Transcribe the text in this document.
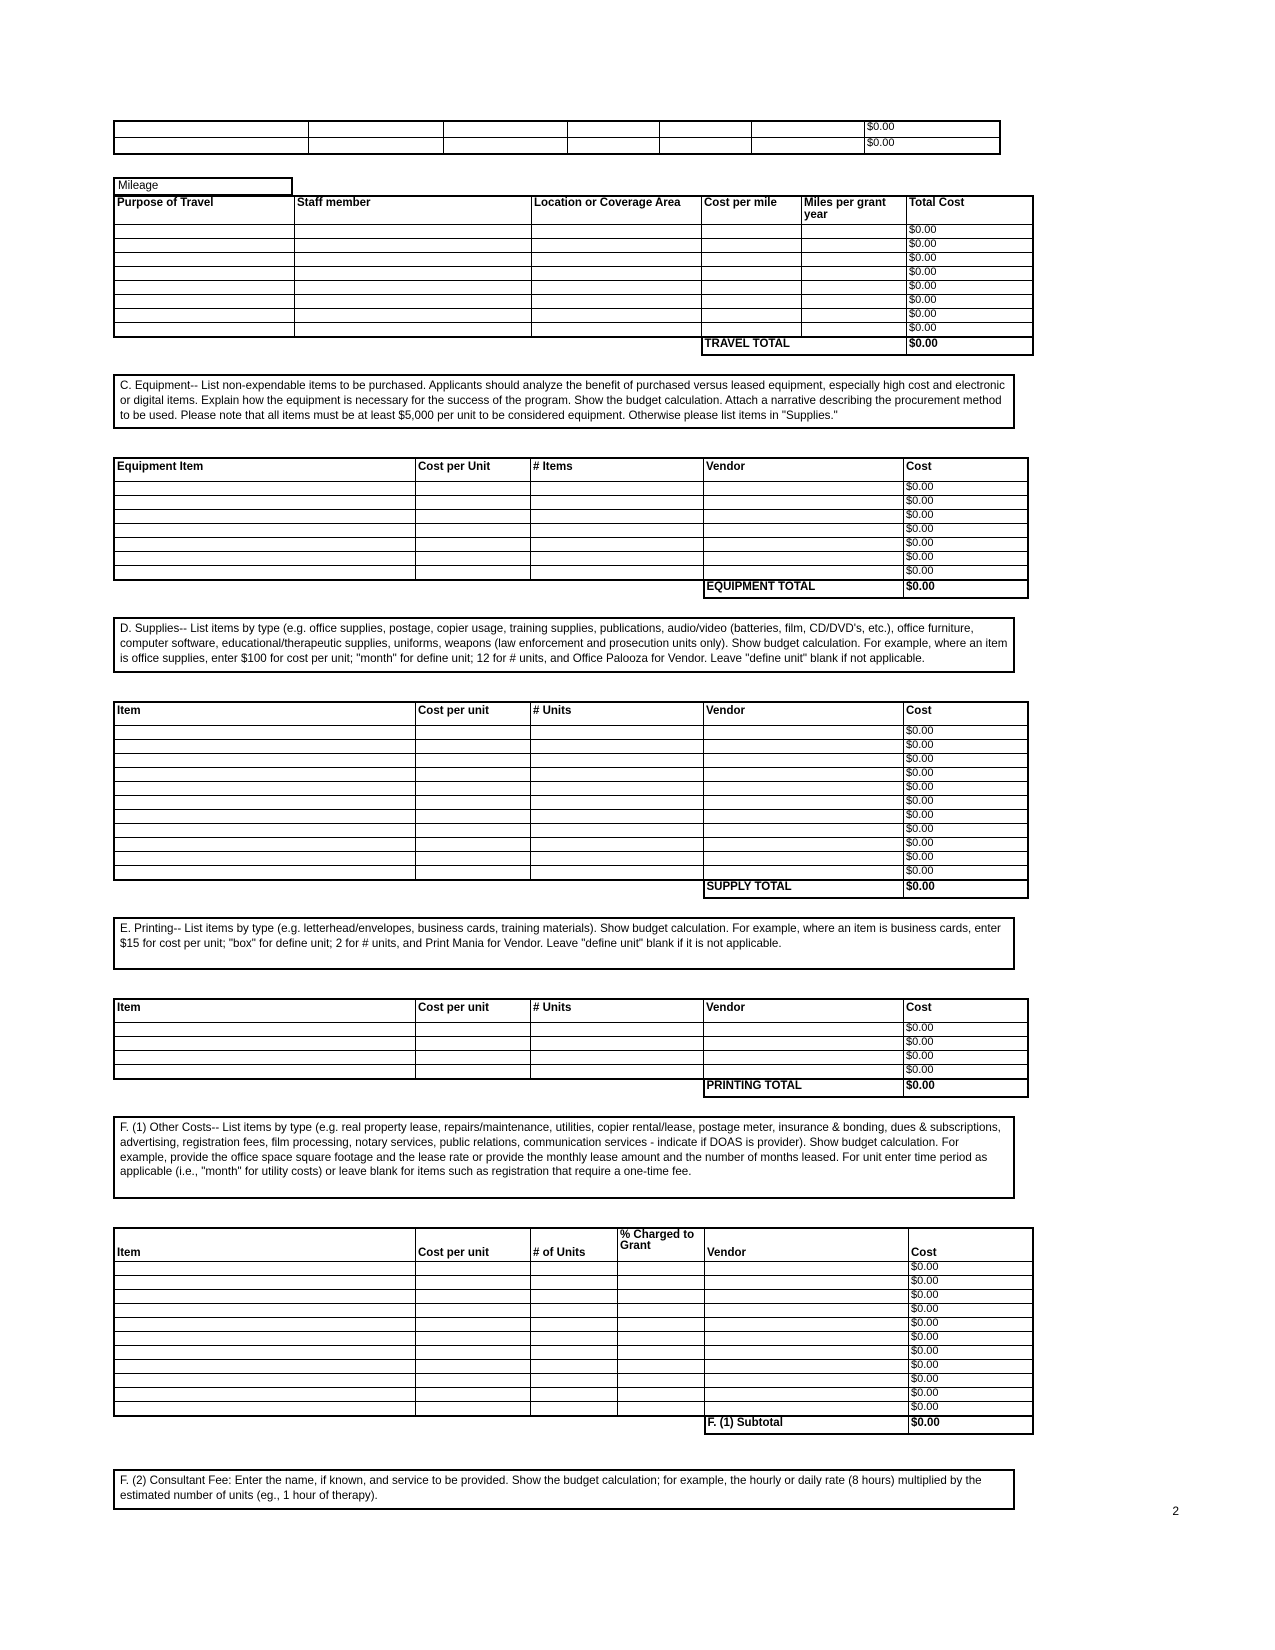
						$0.00
						$0.00
Mileage
Purpose of Travel	Staff member	Location or Coverage Area	Cost per mile	Miles per grant year	Total Cost
					$0.00
					$0.00
					$0.00
					$0.00
					$0.00
					$0.00
					$0.00
					$0.00
			TRAVEL TOTAL		$0.00
C. Equipment-- List non-expendable items to be purchased. Applicants should analyze the benefit of purchased versus leased equipment, especially high cost and electronic or digital items. Explain how the equipment is necessary for the success of the program. Show the budget calculation. Attach a narrative describing the procurement method to be used. Please note that all items must be at least $5,000 per unit to be considered equipment. Otherwise please list items in "Supplies."
Equipment Item	Cost per Unit	# Items	Vendor	Cost
				$0.00
				$0.00
				$0.00
				$0.00
				$0.00
				$0.00
				$0.00
			EQUIPMENT TOTAL	$0.00
D. Supplies-- List items by type (e.g. office supplies, postage, copier usage, training supplies, publications, audio/video (batteries, film, CD/DVD's, etc.), office furniture, computer software, educational/therapeutic supplies, uniforms, weapons (law enforcement and prosecution units only). Show budget calculation. For example, where an item is office supplies, enter $100 for cost per unit; "month" for define unit; 12 for # units, and Office Palooza for Vendor. Leave "define unit" blank if not applicable.
Item	Cost per unit	# Units	Vendor	Cost
				$0.00
				$0.00
				$0.00
				$0.00
				$0.00
				$0.00
				$0.00
				$0.00
				$0.00
				$0.00
				$0.00
			SUPPLY TOTAL	$0.00
E. Printing-- List items by type (e.g. letterhead/envelopes, business cards, training materials). Show budget calculation. For example, where an item is business cards, enter $15 for cost per unit; "box" for define unit; 2 for # units, and Print Mania for Vendor. Leave "define unit" blank if it is not applicable.
Item	Cost per unit	# Units	Vendor	Cost
				$0.00
				$0.00
				$0.00
				$0.00
			PRINTING TOTAL	$0.00
F. (1) Other Costs-- List items by type (e.g. real property lease, repairs/maintenance, utilities, copier rental/lease, postage meter, insurance & bonding, dues & subscriptions, advertising, registration fees, film processing, notary services, public relations, communication services - indicate if DOAS is provider). Show budget calculation. For example, provide the office space square footage and the lease rate or provide the monthly lease amount and the number of months leased. For unit enter time period as applicable (i.e., "month" for utility costs) or leave blank for items such as registration that require a one-time fee.
Item	Cost per unit	# of Units	% Charged to Grant	Vendor	Cost
					$0.00
					$0.00
					$0.00
					$0.00
					$0.00
					$0.00
					$0.00
					$0.00
					$0.00
					$0.00
					$0.00
				F. (1) Subtotal	$0.00
F. (2) Consultant Fee: Enter the name, if known, and service to be provided. Show the budget calculation; for example, the hourly or daily rate (8 hours) multiplied by the estimated number of units (eg., 1 hour of therapy).
2
